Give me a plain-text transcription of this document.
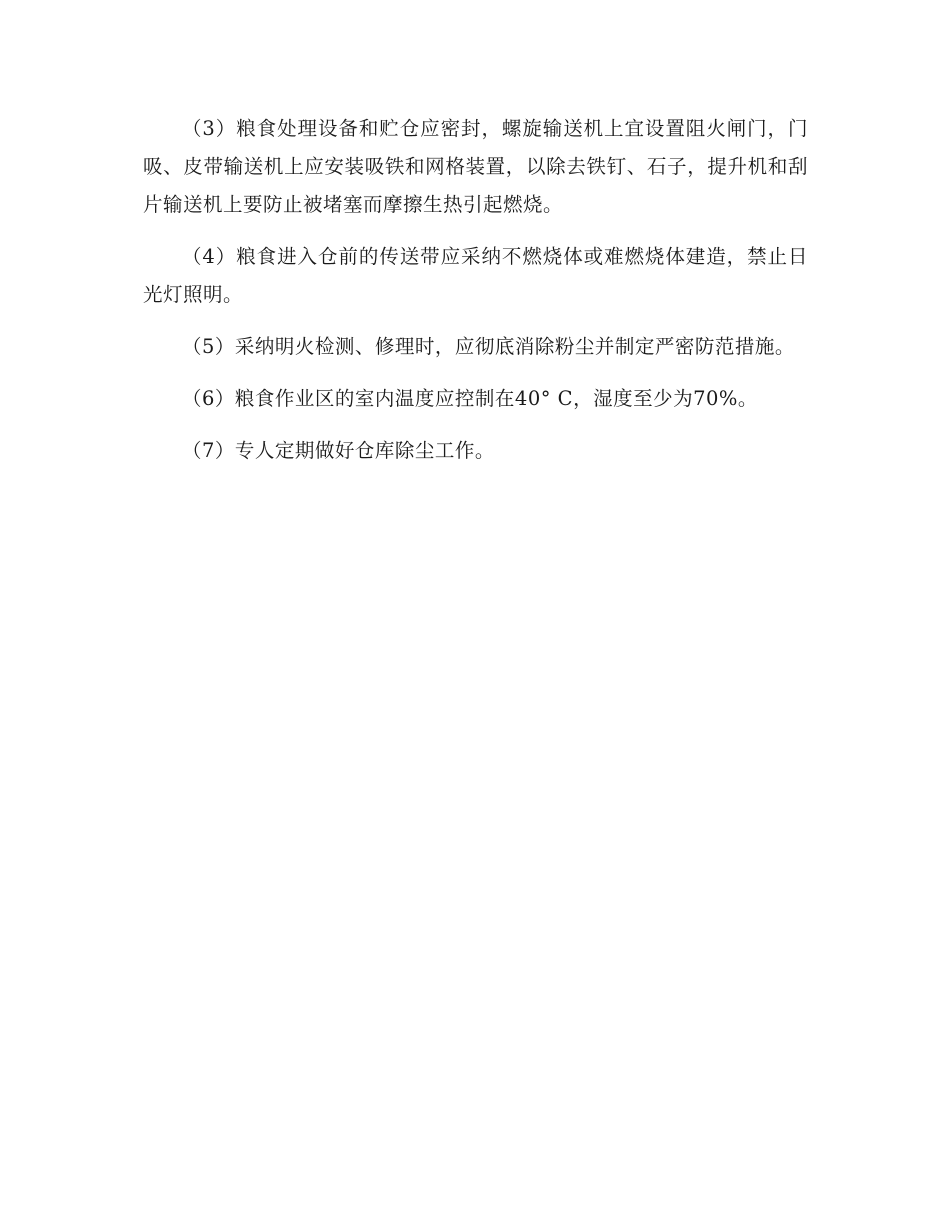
（3）粮食处理设备和贮仓应密封，螺旋输送机上宜设置阻火闸门，门吸、皮带输送机上应安装吸铁和网格装置，以除去铁钉、石子，提升机和刮片输送机上要防止被堵塞而摩擦生热引起燃烧。

（4）粮食进入仓前的传送带应采纳不燃烧体或难燃烧体建造，禁止日光灯照明。

（5）采纳明火检测、修理时，应彻底消除粉尘并制定严密防范措施。

（6）粮食作业区的室内温度应控制在40° C，湿度至少为70%。

（7）专人定期做好仓库除尘工作。
